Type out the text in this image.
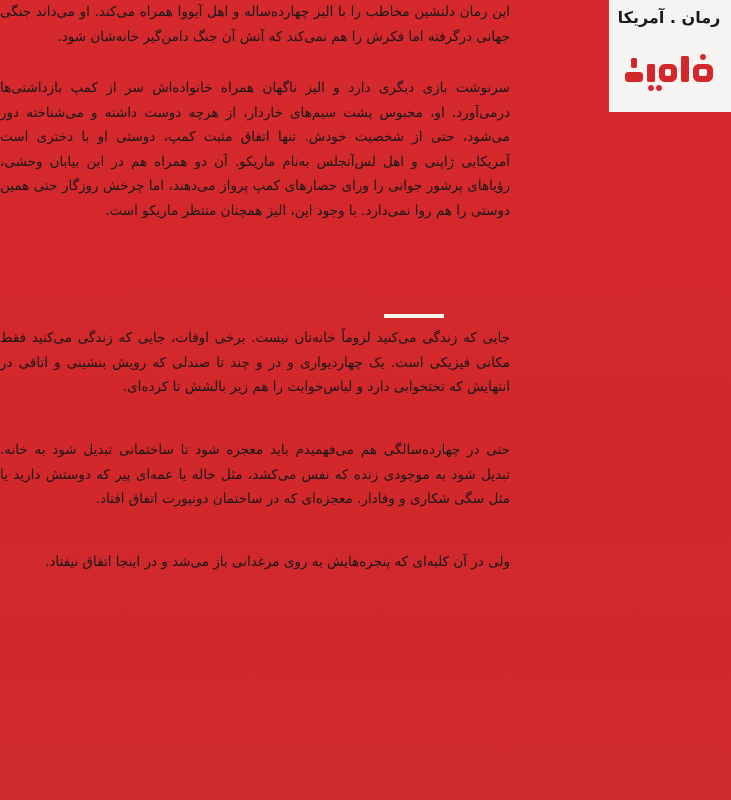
رمان . آمریکا

این رمان دلنشین مخاطب را با الیز چهارده‌ساله و اهل آیووا همراه می‌کند. او می‌داند جنگی جهانی درگرفته اما فکرش را هم نمی‌کند که آتش آن جنگ دامن‌گیر خانه‌شان شود.

سرنوشت بازی دیگری دارد و الیز ناگهان همراه خانواده‌اش سر از کمپ بازداشتی‌ها درمی‌آورد. او، محبوس پشت سیم‌های خاردار، از هرچه دوست داشته و می‌شناخته دور می‌شود، حتی از شخصیت خودش. تنها اتفاق مثبت کمپ، دوستی او با دختری است آمریکایی ژاپنی و اهل لس‌آنجلس به‌نام ماریکو. آن دو همراه هم در این بیابان وحشی، رؤیاهای پرشور جوانی را ورای حصارهای کمپ پرواز می‌دهند، اما چرخش روزگار حتی همین دوستی را هم روا نمی‌دارد. با وجود این، الیز همچنان منتظر ماریکو است.

جایی که زندگی می‌کنید لزوماً خانه‌تان نیست. برخی اوقات، جایی که زندگی می‌کنید فقط مکانی فیزیکی است. یک چهاردیواری و در و چند تا صندلی که رویش بنشینی و اتاقی در انتهایش که تختخوابی دارد و لباس‌خوابت را هم زیر بالشش تا کرده‌ای.

حتی در چهارده‌سالگی هم می‌فهمیدم باید معجزه شود تا ساختمانی تبدیل شود به خانه. تبدیل شود به موجودی زنده که نفس می‌کشد، مثل خاله یا عمه‌ای پیر که دوستش دارید یا مثل سگی شکاری و وفادار. معجزه‌ای که در ساختمان دونپورت اتفاق افتاد.

ولی در آن کلبه‌ای که پنجره‌هایش به روی مرغدانی باز می‌شد و در اینجا اتفاق نیفتاد.
